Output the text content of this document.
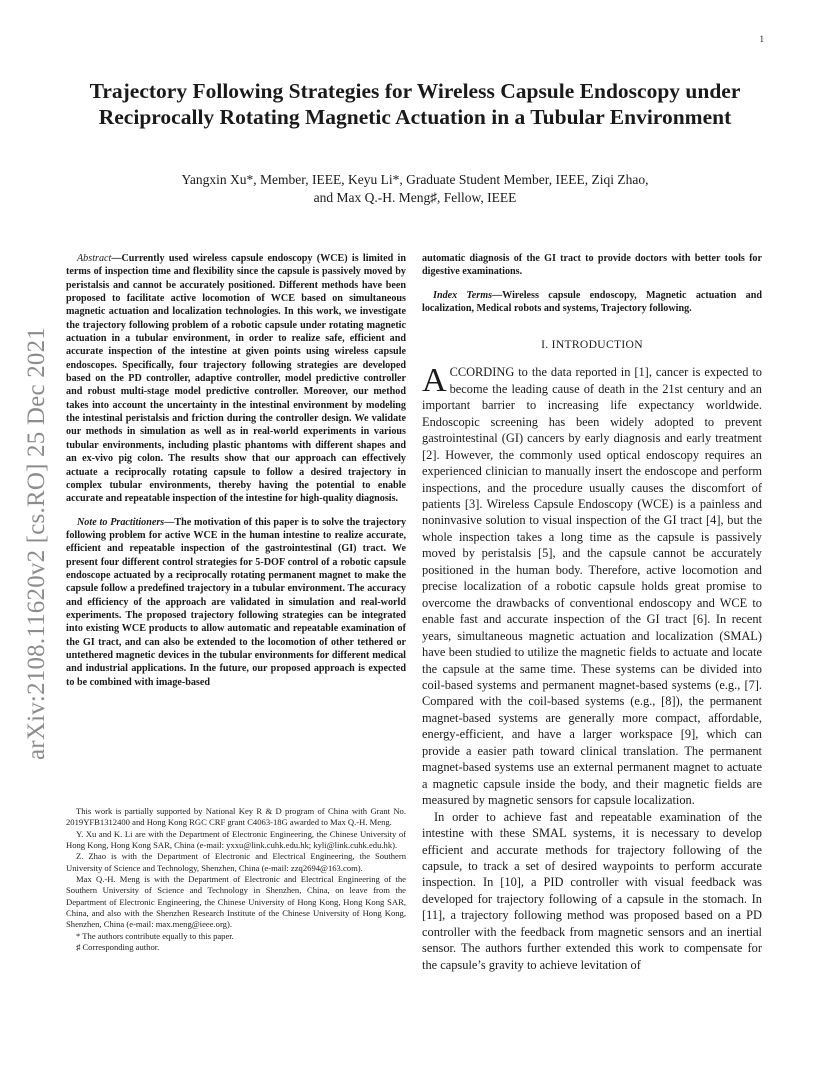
1
arXiv:2108.11620v2 [cs.RO] 25 Dec 2021
Trajectory Following Strategies for Wireless Capsule Endoscopy under Reciprocally Rotating Magnetic Actuation in a Tubular Environment
Yangxin Xu*, Member, IEEE, Keyu Li*, Graduate Student Member, IEEE, Ziqi Zhao,
and Max Q.-H. Meng♯, Fellow, IEEE

Abstract—Currently used wireless capsule endoscopy (WCE) is limited in terms of inspection time and flexibility since the capsule is passively moved by peristalsis and cannot be accurately positioned. Different methods have been proposed to facilitate active locomotion of WCE based on simultaneous magnetic actuation and localization technologies. In this work, we investigate the trajectory following problem of a robotic capsule under rotating magnetic actuation in a tubular environment, in order to realize safe, efficient and accurate inspection of the intestine at given points using wireless capsule endoscopes. Specifically, four trajectory following strategies are developed based on the PD controller, adaptive controller, model predictive controller and robust multi-stage model predictive controller. Moreover, our method takes into account the uncertainty in the intestinal environment by modeling the intestinal peristalsis and friction during the controller design. We validate our methods in simulation as well as in real-world experiments in various tubular environments, including plastic phantoms with different shapes and an ex-vivo pig colon. The results show that our approach can effectively actuate a reciprocally rotating capsule to follow a desired trajectory in complex tubular environments, thereby having the potential to enable accurate and repeatable inspection of the intestine for high-quality diagnosis.

Note to Practitioners—The motivation of this paper is to solve the trajectory following problem for active WCE in the human intestine to realize accurate, efficient and repeatable inspection of the gastrointestinal (GI) tract. We present four different control strategies for 5-DOF control of a robotic capsule endoscope actuated by a reciprocally rotating permanent magnet to make the capsule follow a predefined trajectory in a tubular environment. The accuracy and efficiency of the approach are validated in simulation and real-world experiments. The proposed trajectory following strategies can be integrated into existing WCE products to allow automatic and repeatable examination of the GI tract, and can also be extended to the locomotion of other tethered or untethered magnetic devices in the tubular environments for different medical and industrial applications. In the future, our proposed approach is expected to be combined with image-based

This work is partially supported by National Key R & D program of China with Grant No. 2019YFB1312400 and Hong Kong RGC CRF grant C4063-18G awarded to Max Q.-H. Meng.

Y. Xu and K. Li are with the Department of Electronic Engineering, the Chinese University of Hong Kong, Hong Kong SAR, China (e-mail: yxxu@link.cuhk.edu.hk; kyli@link.cuhk.edu.hk).

Z. Zhao is with the Department of Electronic and Electrical Engineering, the Southern University of Science and Technology, Shenzhen, China (e-mail: zzq2694@163.com).

Max Q.-H. Meng is with the Department of Electronic and Electrical Engineering of the Southern University of Science and Technology in Shenzhen, China, on leave from the Department of Electronic Engineering, the Chinese University of Hong Kong, Hong Kong SAR, China, and also with the Shenzhen Research Institute of the Chinese University of Hong Kong, Shenzhen, China (e-mail: max.meng@ieee.org).

* The authors contribute equally to this paper.

♯ Corresponding author.

automatic diagnosis of the GI tract to provide doctors with better tools for digestive examinations.

Index Terms—Wireless capsule endoscopy, Magnetic actuation and localization, Medical robots and systems, Trajectory following.

I. INTRODUCTION

ACCORDING to the data reported in [1], cancer is expected to become the leading cause of death in the 21st century and an important barrier to increasing life expectancy worldwide. Endoscopic screening has been widely adopted to prevent gastrointestinal (GI) cancers by early diagnosis and early treatment [2]. However, the commonly used optical endoscopy requires an experienced clinician to manually insert the endoscope and perform inspections, and the procedure usually causes the discomfort of patients [3]. Wireless Capsule Endoscopy (WCE) is a painless and noninvasive solution to visual inspection of the GI tract [4], but the whole inspection takes a long time as the capsule is passively moved by peristalsis [5], and the capsule cannot be accurately positioned in the human body. Therefore, active locomotion and precise localization of a robotic capsule holds great promise to overcome the drawbacks of conventional endoscopy and WCE to enable fast and accurate inspection of the GI tract [6]. In recent years, simultaneous magnetic actuation and localization (SMAL) have been studied to utilize the magnetic fields to actuate and locate the capsule at the same time. These systems can be divided into coil-based systems and permanent magnet-based systems (e.g., [7]. Compared with the coil-based systems (e.g., [8]), the permanent magnet-based systems are generally more compact, affordable, energy-efficient, and have a larger workspace [9], which can provide a easier path toward clinical translation. The permanent magnet-based systems use an external permanent magnet to actuate a magnetic capsule inside the body, and their magnetic fields are measured by magnetic sensors for capsule localization.

In order to achieve fast and repeatable examination of the intestine with these SMAL systems, it is necessary to develop efficient and accurate methods for trajectory following of the capsule, to track a set of desired waypoints to perform accurate inspection. In [10], a PID controller with visual feedback was developed for trajectory following of a capsule in the stomach. In [11], a trajectory following method was proposed based on a PD controller with the feedback from magnetic sensors and an inertial sensor. The authors further extended this work to compensate for the capsule’s gravity to achieve levitation of
